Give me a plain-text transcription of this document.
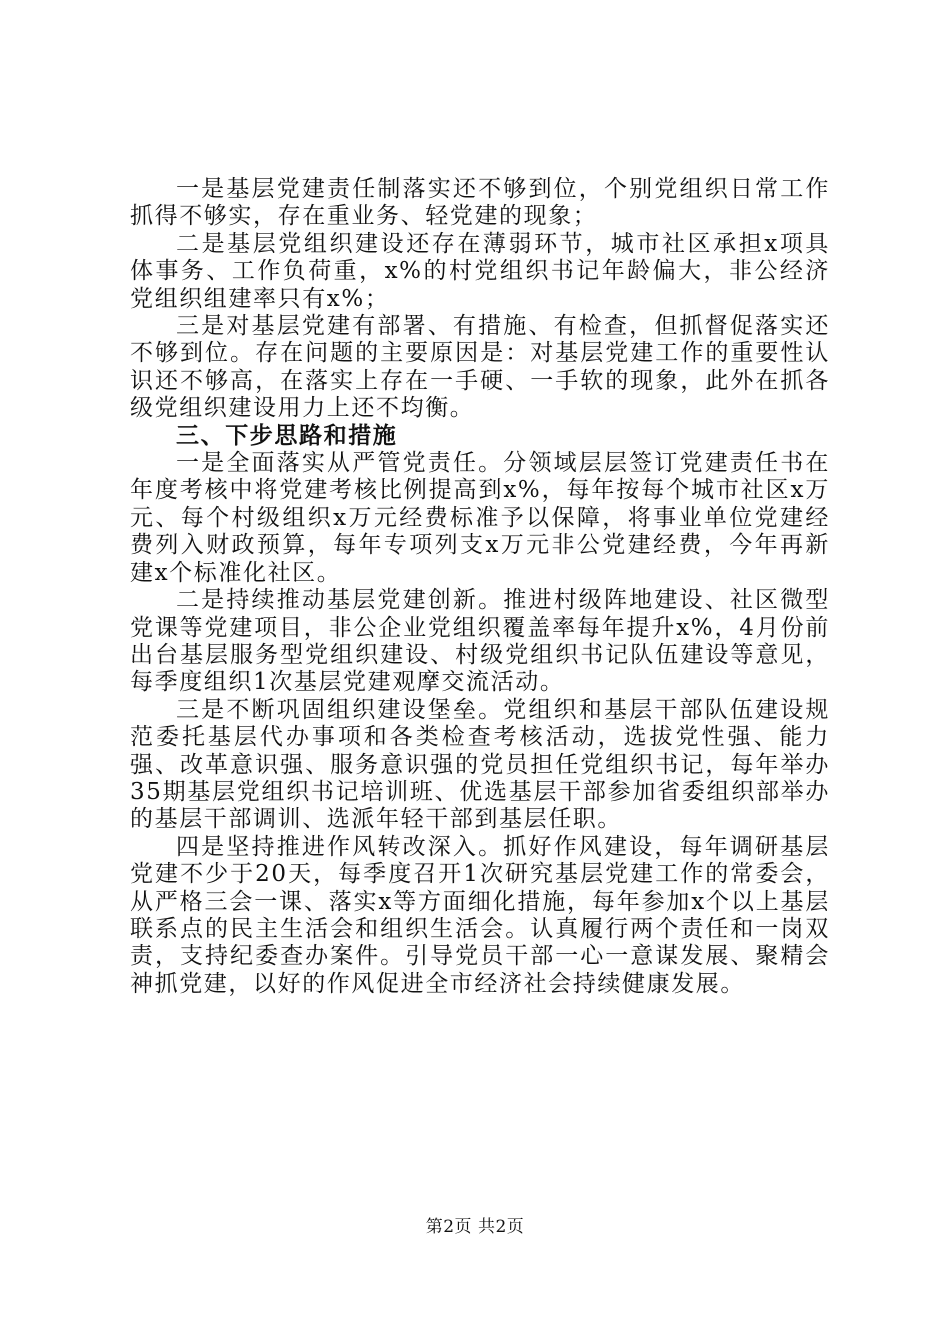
一是基层党建责任制落实还不够到位，个别党组织日常工作抓得不够实，存在重业务、轻党建的现象；

二是基层党组织建设还存在薄弱环节，城市社区承担x项具体事务、工作负荷重，x%的村党组织书记年龄偏大，非公经济党组织组建率只有x%；

三是对基层党建有部署、有措施、有检查，但抓督促落实还不够到位。存在问题的主要原因是：对基层党建工作的重要性认识还不够高，在落实上存在一手硬、一手软的现象，此外在抓各级党组织建设用力上还不均衡。

三、下步思路和措施

一是全面落实从严管党责任。分领域层层签订党建责任书在年度考核中将党建考核比例提高到x%，每年按每个城市社区x万元、每个村级组织x万元经费标准予以保障，将事业单位党建经费列入财政预算，每年专项列支x万元非公党建经费，今年再新建x个标准化社区。

二是持续推动基层党建创新。推进村级阵地建设、社区微型党课等党建项目，非公企业党组织覆盖率每年提升x%，4月份前出台基层服务型党组织建设、村级党组织书记队伍建设等意见，每季度组织1次基层党建观摩交流活动。

三是不断巩固组织建设堡垒。党组织和基层干部队伍建设规范委托基层代办事项和各类检查考核活动，选拔党性强、能力强、改革意识强、服务意识强的党员担任党组织书记，每年举办35期基层党组织书记培训班、优选基层干部参加省委组织部举办的基层干部调训、选派年轻干部到基层任职。

四是坚持推进作风转改深入。抓好作风建设，每年调研基层党建不少于20天，每季度召开1次研究基层党建工作的常委会，从严格三会一课、落实x等方面细化措施，每年参加x个以上基层联系点的民主生活会和组织生活会。认真履行两个责任和一岗双责，支持纪委查办案件。引导党员干部一心一意谋发展、聚精会神抓党建，以好的作风促进全市经济社会持续健康发展。

第2页 共2页
